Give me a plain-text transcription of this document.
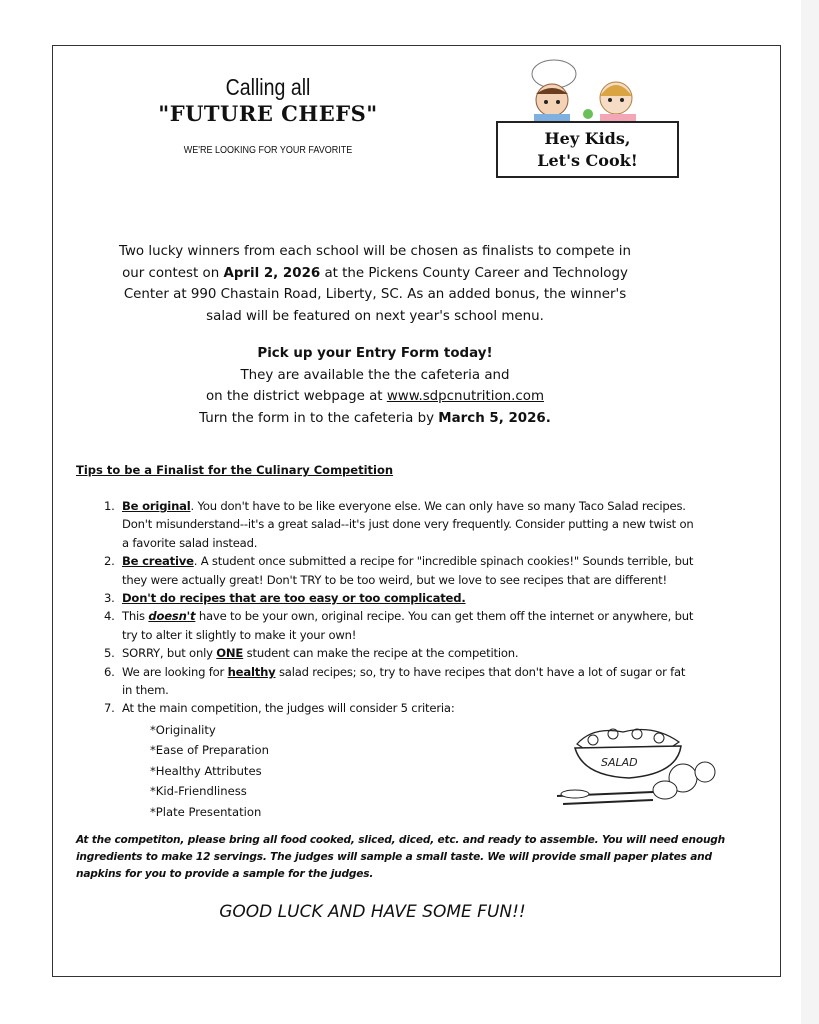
Calling all
"FUTURE CHEFS"
WE'RE LOOKING FOR YOUR FAVORITE
Hey Kids,
Let's Cook!
Two lucky winners from each school will be chosen as finalists to compete in
our contest on April 2, 2026 at the Pickens County Career and Technology
Center at 990 Chastain Road, Liberty, SC. As an added bonus, the winner's
salad will be featured on next year's school menu.
Pick up your Entry Form today!
They are available the the cafeteria and
on the district webpage at www.sdpcnutrition.com
Turn the form in to the cafeteria by March 5, 2026.
Tips to be a Finalist for the Culinary Competition
1. Be original. You don't have to be like everyone else. We can only have so many Taco Salad recipes. Don't misunderstand--it's a great salad--it's just done very frequently. Consider putting a new twist on a favorite salad instead.
2. Be creative. A student once submitted a recipe for "incredible spinach cookies!" Sounds terrible, but they were actually great! Don't TRY to be too weird, but we love to see recipes that are different!
3. Don't do recipes that are too easy or too complicated.
4. This doesn't have to be your own, original recipe. You can get them off the internet or anywhere, but try to alter it slightly to make it your own!
5. SORRY, but only ONE student can make the recipe at the competition.
6. We are looking for healthy salad recipes; so, try to have recipes that don't have a lot of sugar or fat in them.
7. At the main competition, the judges will consider 5 criteria:
*Originality
*Ease of Preparation
*Healthy Attributes
*Kid-Friendliness
*Plate Presentation
SALAD
At the competiton, please bring all food cooked, sliced, diced, etc. and ready to assemble. You will need enough ingredients to make 12 servings. The judges will sample a small taste. We will provide small paper plates and napkins for you to provide a sample for the judges.
GOOD LUCK AND HAVE SOME FUN!!
